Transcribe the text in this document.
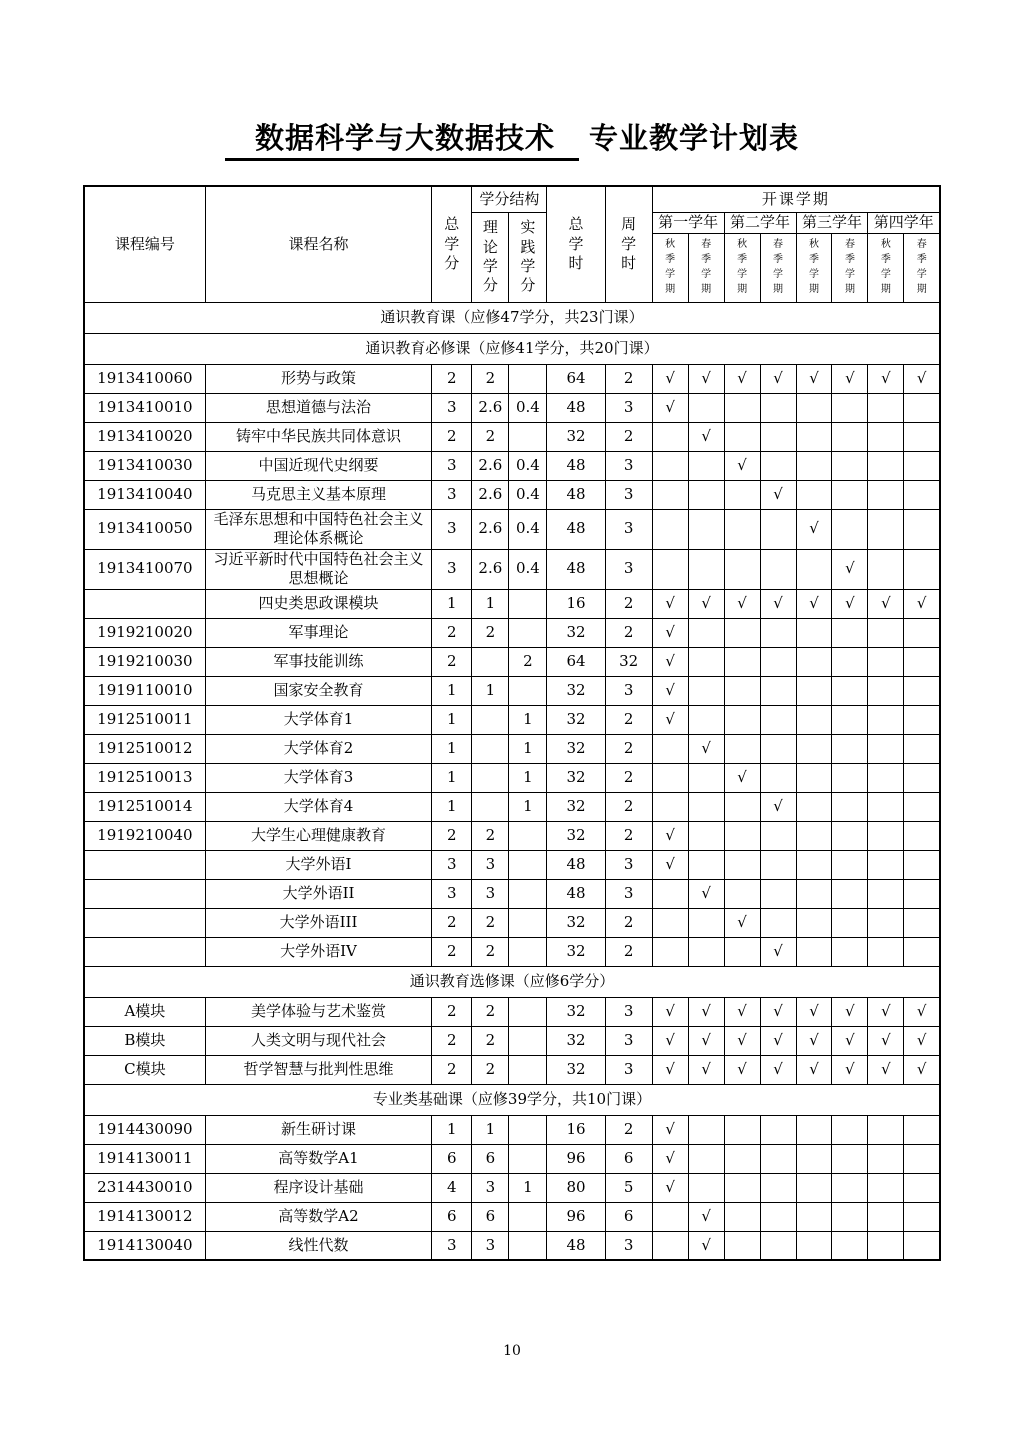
数据科学与大数据技术 专业教学计划表
课程编号	课程名称	总学分	学分结构		总学时	周学时	开课学期							
			理论学分	实践学分			第一学年		第二学年		第三学年		第四学年	
							秋季学期	春季学期	秋季学期	春季学期	秋季学期	春季学期	秋季学期	春季学期
通识教育课（应修47学分，共23门课）														
通识教育必修课（应修41学分，共20门课）														
1913410060	形势与政策	2	2		64	2	√	√	√	√	√	√	√	√
1913410010	思想道德与法治	3	2.6	0.4	48	3	√							
1913410020	铸牢中华民族共同体意识	2	2		32	2		√						
1913410030	中国近现代史纲要	3	2.6	0.4	48	3			√					
1913410040	马克思主义基本原理	3	2.6	0.4	48	3				√				
1913410050	毛泽东思想和中国特色社会主义理论体系概论	3	2.6	0.4	48	3					√			
1913410070	习近平新时代中国特色社会主义思想概论	3	2.6	0.4	48	3						√		
	四史类思政课模块	1	1		16	2	√	√	√	√	√	√	√	√
1919210020	军事理论	2	2		32	2	√							
1919210030	军事技能训练	2		2	64	32	√							
1919110010	国家安全教育	1	1		32	3	√							
1912510011	大学体育1	1		1	32	2	√							
1912510012	大学体育2	1		1	32	2		√						
1912510013	大学体育3	1		1	32	2			√					
1912510014	大学体育4	1		1	32	2				√				
1919210040	大学生心理健康教育	2	2		32	2	√							
	大学外语I	3	3		48	3	√							
	大学外语II	3	3		48	3		√						
	大学外语III	2	2		32	2			√					
	大学外语IV	2	2		32	2				√				
通识教育选修课（应修6学分）														
A模块	美学体验与艺术鉴赏	2	2		32	3	√	√	√	√	√	√	√	√
B模块	人类文明与现代社会	2	2		32	3	√	√	√	√	√	√	√	√
C模块	哲学智慧与批判性思维	2	2		32	3	√	√	√	√	√	√	√	√
专业类基础课（应修39学分，共10门课）														
1914430090	新生研讨课	1	1		16	2	√							
1914130011	高等数学A1	6	6		96	6	√							
2314430010	程序设计基础	4	3	1	80	5	√							
1914130012	高等数学A2	6	6		96	6		√						
1914130040	线性代数	3	3		48	3		√						
10
